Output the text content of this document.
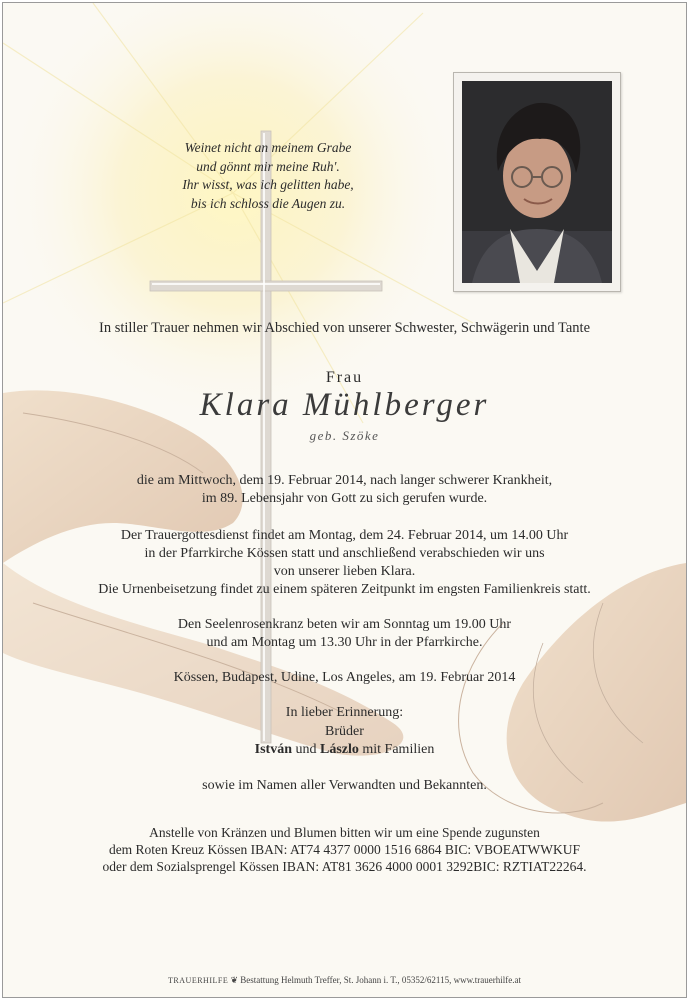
Weinet nicht an meinem Grabe
und gönnt mir meine Ruh'.
Ihr wisst, was ich gelitten habe,
bis ich schloss die Augen zu.
In stiller Trauer nehmen wir Abschied von unserer Schwester, Schwägerin und Tante
Frau
Klara Mühlberger
geb. Szöke
die am Mittwoch, dem 19. Februar 2014, nach langer schwerer Krankheit,
im 89. Lebensjahr von Gott zu sich gerufen wurde.
Der Trauergottesdienst findet am Montag, dem 24. Februar 2014, um 14.00 Uhr
in der Pfarrkirche Kössen statt und anschließend verabschieden wir uns
von unserer lieben Klara.
Die Urnenbeisetzung findet zu einem späteren Zeitpunkt im engsten Familienkreis statt.
Den Seelenrosenkranz beten wir am Sonntag um 19.00 Uhr
und am Montag um 13.30 Uhr in der Pfarrkirche.
Kössen, Budapest, Udine, Los Angeles, am 19. Februar 2014
In lieber Erinnerung:
Brüder
István und Lászlo mit Familien
sowie im Namen aller Verwandten und Bekannten.
Anstelle von Kränzen und Blumen bitten wir um eine Spende zugunsten
dem Roten Kreuz Kössen IBAN: AT74 4377 0000 1516 6864 BIC: VBOEATWWKUF
oder dem Sozialsprengel Kössen IBAN: AT81 3626 4000 0001 3292BIC: RZTIAT22264.
TRAUERHILFE ❦ Bestattung Helmuth Treffer, St. Johann i. T., 05352/62115, www.trauerhilfe.at
